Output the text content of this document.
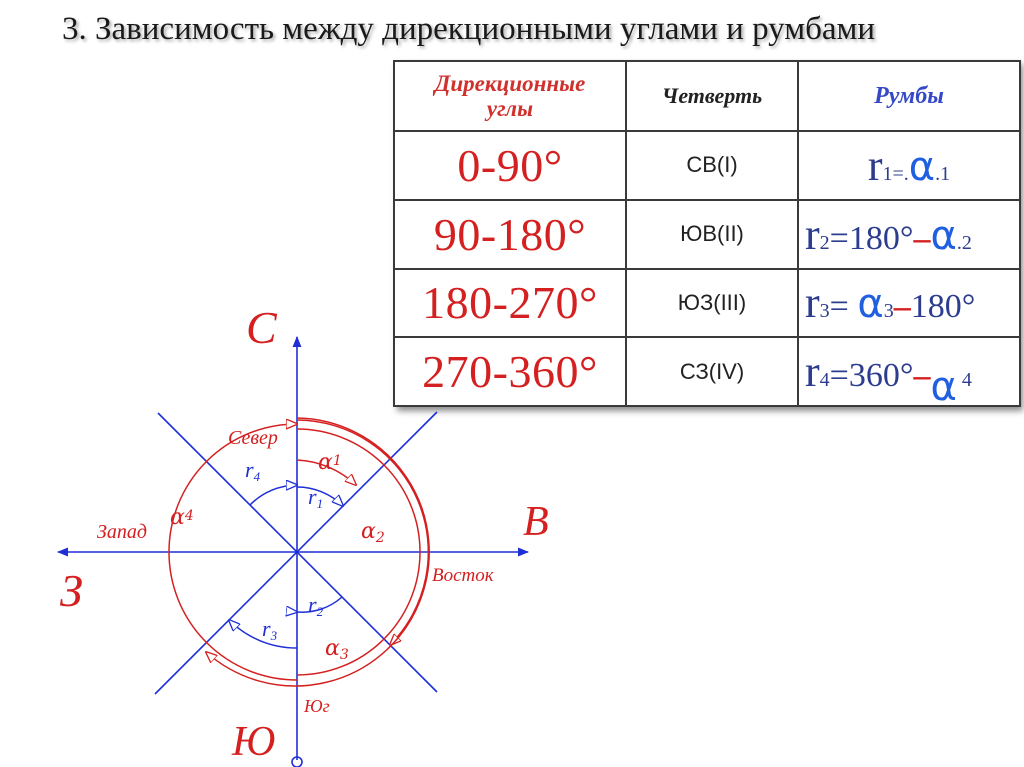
3. Зависимость между дирекционными углами и румбами
Дирекционные
углы	Четверть	Румбы
0-90°	СВ(I)	r1=.α.1
90-180°	ЮВ(II)	r2=180°–α.2
180-270°	ЮЗ(III)	r3= α3–180°
270-360°	СЗ(IV)	r4=360°–α 4
С
В
З
Ю
Север
Восток
Запад
Юг
α1
α2
α3
α4
r1
r2
r3
r4
